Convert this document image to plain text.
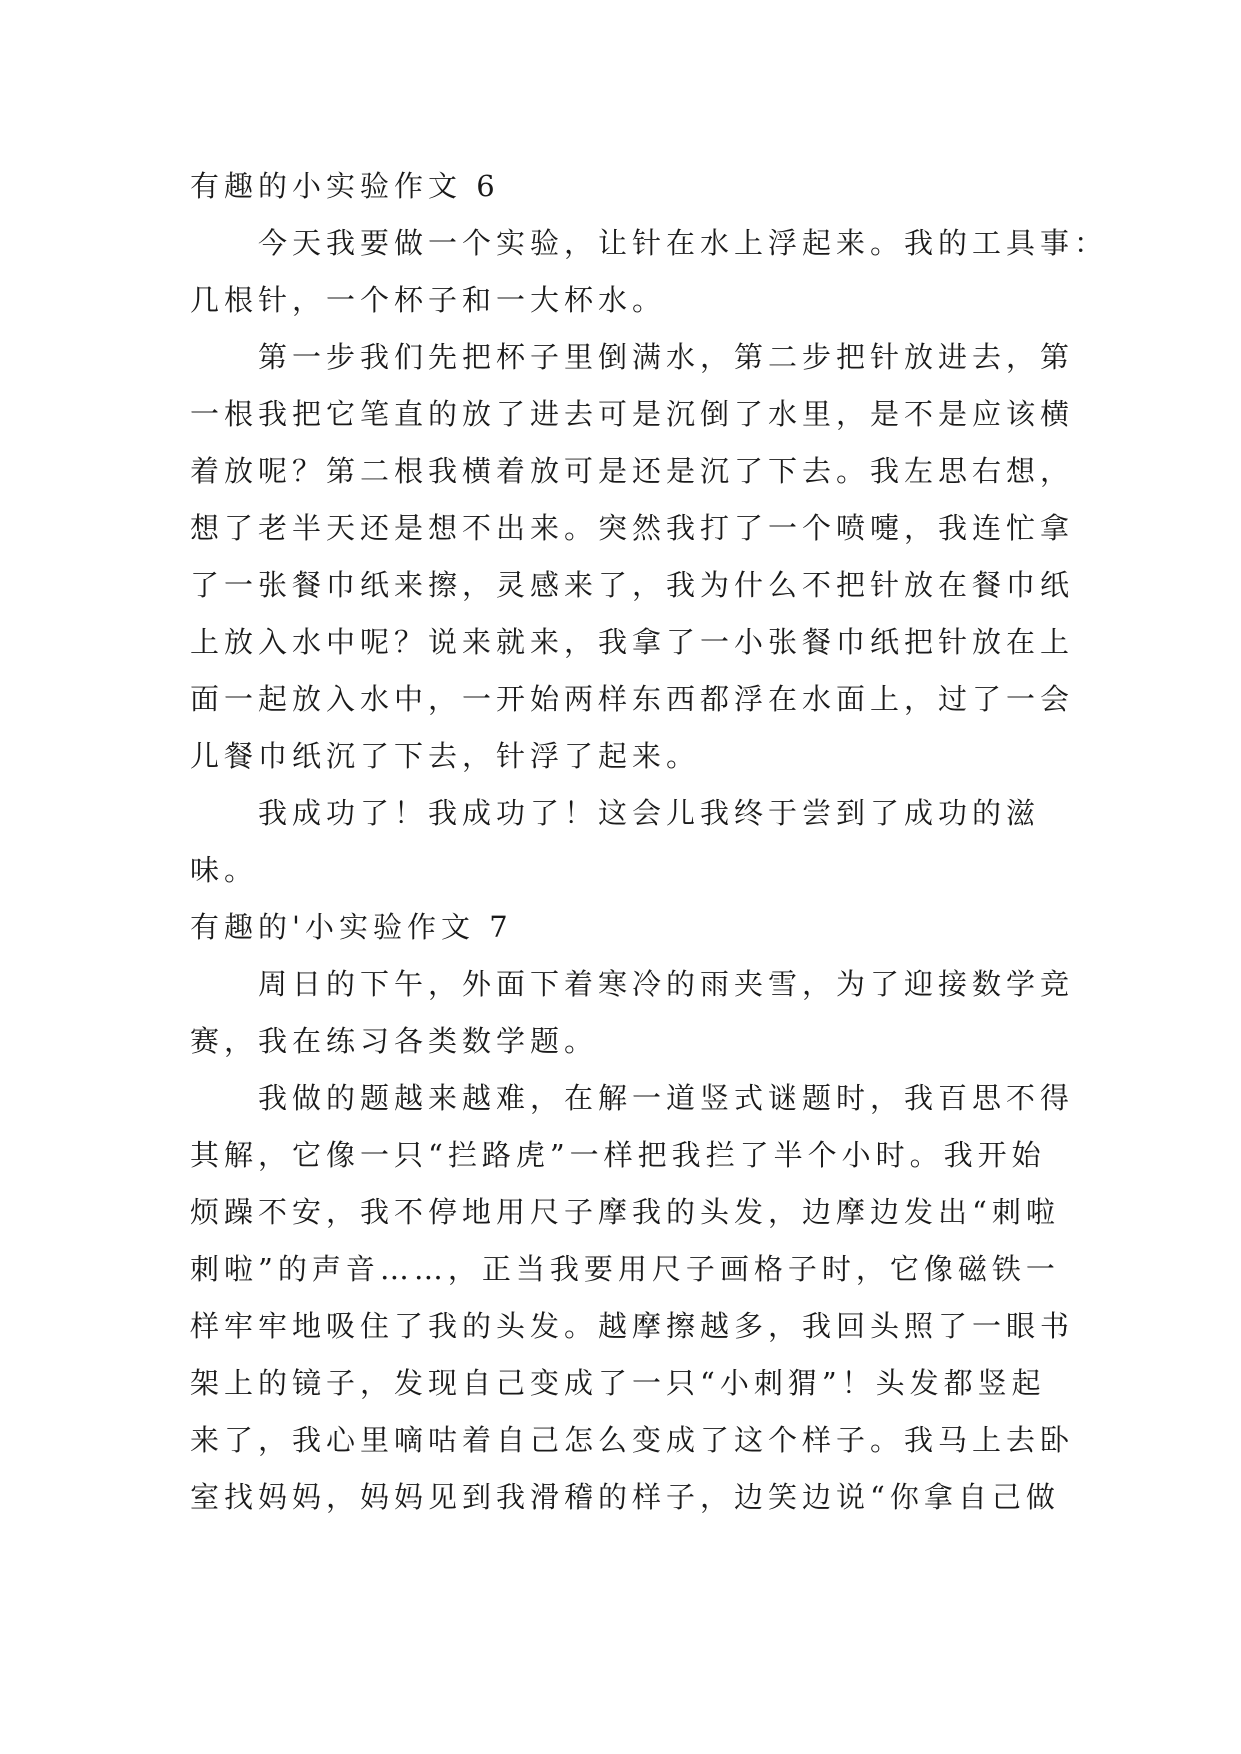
有趣的小实验作文 6
今天我要做一个实验，让针在水上浮起来。我的工具事：
几根针，一个杯子和一大杯水。
第一步我们先把杯子里倒满水，第二步把针放进去，第
一根我把它笔直的放了进去可是沉倒了水里，是不是应该横
着放呢？第二根我横着放可是还是沉了下去。我左思右想，
想了老半天还是想不出来。突然我打了一个喷嚏，我连忙拿
了一张餐巾纸来擦，灵感来了，我为什么不把针放在餐巾纸
上放入水中呢？说来就来，我拿了一小张餐巾纸把针放在上
面一起放入水中，一开始两样东西都浮在水面上，过了一会
儿餐巾纸沉了下去，针浮了起来。
我成功了！我成功了！这会儿我终于尝到了成功的滋
味。
有趣的'小实验作文 7
周日的下午，外面下着寒冷的雨夹雪，为了迎接数学竞
赛，我在练习各类数学题。
我做的题越来越难，在解一道竖式谜题时，我百思不得
其解，它像一只“拦路虎”一样把我拦了半个小时。我开始
烦躁不安，我不停地用尺子摩我的头发，边摩边发出“刺啦
刺啦”的声音……，正当我要用尺子画格子时，它像磁铁一
样牢牢地吸住了我的头发。越摩擦越多，我回头照了一眼书
架上的镜子，发现自己变成了一只“小刺猬”！头发都竖起
来了，我心里嘀咕着自己怎么变成了这个样子。我马上去卧
室找妈妈，妈妈见到我滑稽的样子，边笑边说“你拿自己做
